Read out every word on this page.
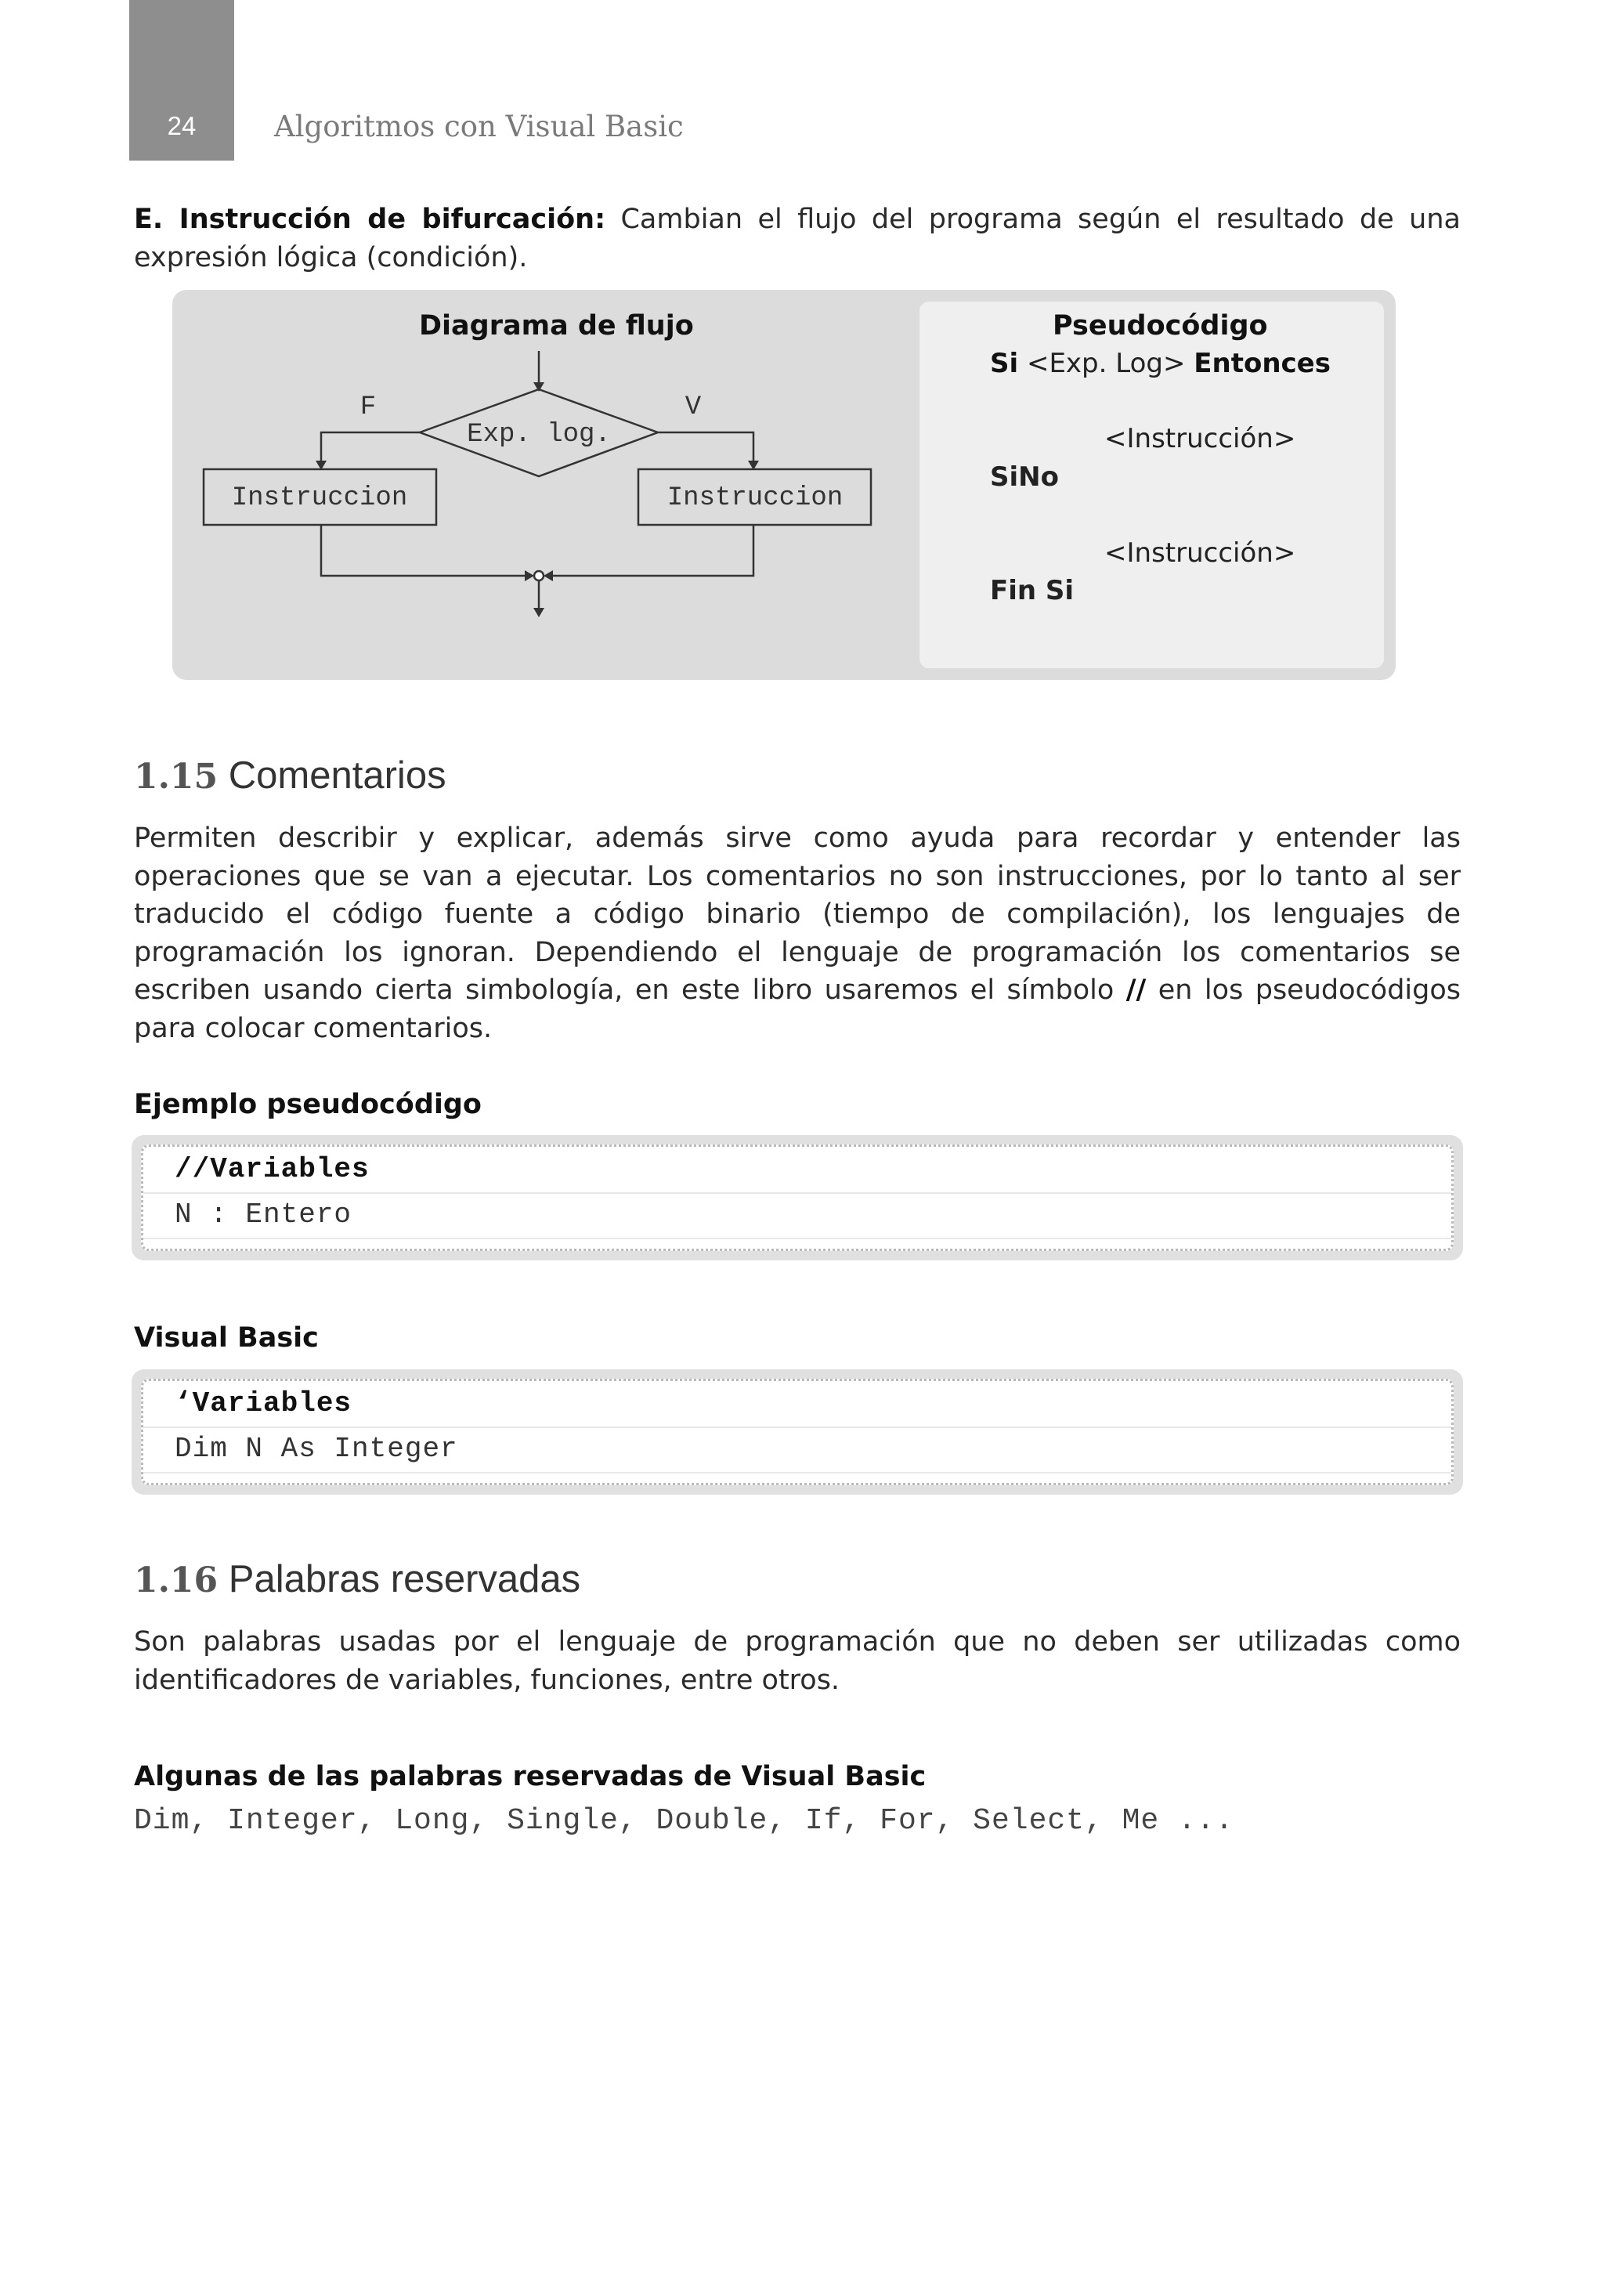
24	Algoritmos con Visual Basic
E. Instrucción de bifurcación: Cambian el flujo del programa según el resultado de una expresión lógica (condición).
F	V
Exp. log.
Instruccion	Instruccion
Diagrama de flujo	Pseudocódigo
Si <Exp. Log> Entonces
<Instrucción>
SiNo
<Instrucción>
Fin Si
1.15 Comentarios
Permiten describir y explicar, además sirve como ayuda para recordar y entender las operaciones que se van a ejecutar. Los comentarios no son instrucciones, por lo tanto al ser traducido el código fuente a código binario (tiempo de compilación), los lenguajes de programación los ignoran. Dependiendo el lenguaje de programación los comentarios se escriben usando cierta simbología, en este libro usaremos el símbolo // en los pseudocódigos para colocar comentarios.
Ejemplo pseudocódigo
//Variables
N : Entero
Visual Basic
‘Variables
Dim N As Integer
1.16 Palabras reservadas
Son palabras usadas por el lenguaje de programación que no deben ser utilizadas como identificadores de variables, funciones, entre otros.
Algunas de las palabras reservadas de Visual Basic
Dim, Integer, Long, Single, Double, If, For, Select, Me ...
